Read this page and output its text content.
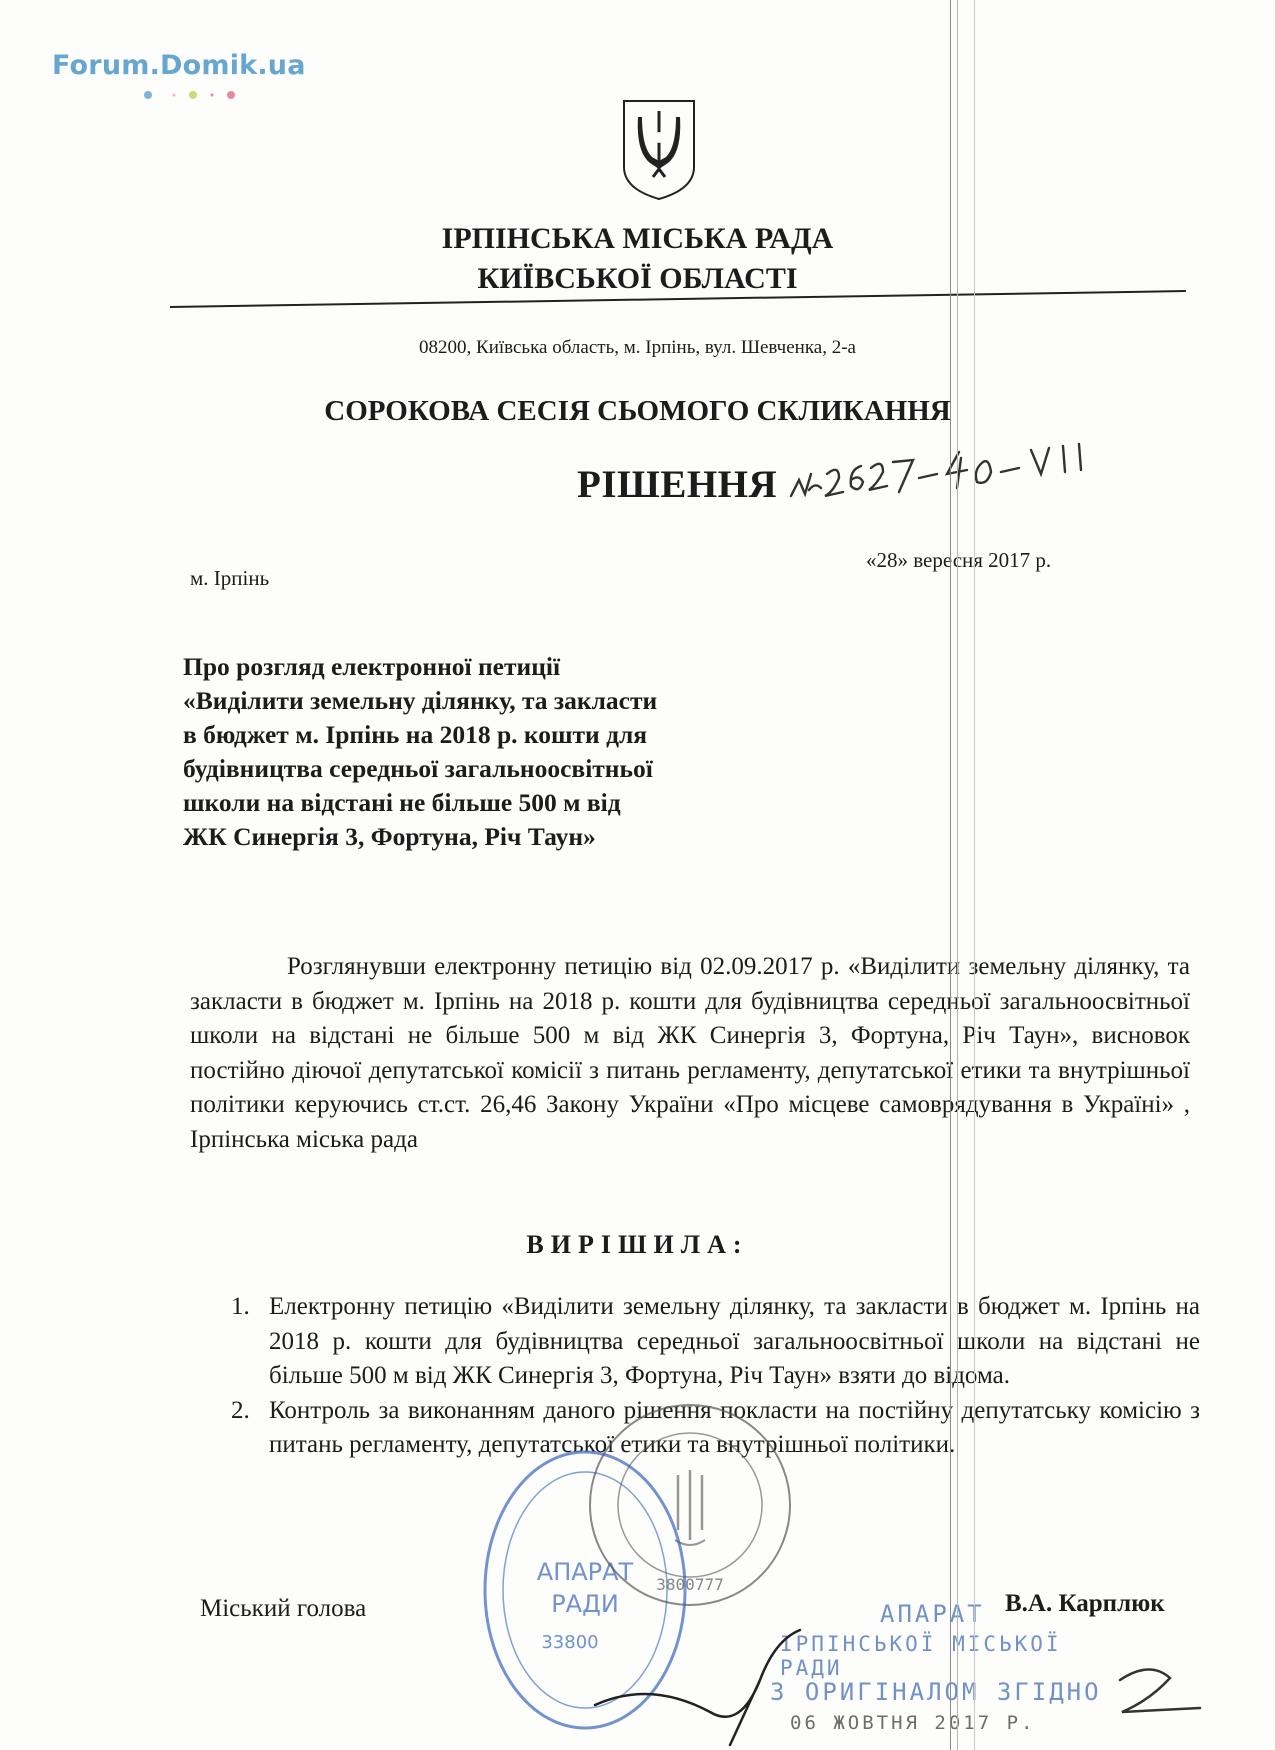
Forum.Domik.ua
ІРПІНСЬКА МІСЬКА РАДА
КИЇВСЬКОЇ ОБЛАСТІ
08200, Київська область, м. Ірпінь, вул. Шевченка, 2-а
СОРОКОВА СЕСІЯ СЬОМОГО СКЛИКАННЯ
РІШЕННЯ
м. Ірпінь
«28» вересня 2017 р.
Про розгляд електронної петиції
«Виділити земельну ділянку, та закласти
в бюджет м. Ірпінь на 2018 р. кошти для
будівництва середньої загальноосвітньої
школи на відстані не більше 500 м від
ЖК Синергія 3, Фортуна, Річ Таун»
Розглянувши електронну петицію від 02.09.2017 р. «Виділити земельну ділянку, та закласти в бюджет м. Ірпінь на 2018 р. кошти для будівництва середньої загальноосвітньої школи на відстані не більше 500 м від ЖК Синергія 3, Фортуна, Річ Таун», висновок постійно діючої депутатської комісії з питань регламенту, депутатської етики та внутрішньої політики керуючись ст.ст. 26,46 Закону України «Про місцеве самоврядування в Україні» , Ірпінська міська рада
ВИРІШИЛА:
1. Електронну петицію «Виділити земельну ділянку, та закласти в бюджет м. Ірпінь на 2018 р. кошти для будівництва середньої загальноосвітньої школи на відстані не більше 500 м від ЖК Синергія 3, Фортуна, Річ Таун» взяти до відома.
2. Контроль за виконанням даного рішення покласти на постійну депутатську комісію з питань регламенту, депутатської етики та внутрішньої політики.
Міський голова	В.А. Карплюк
АПАРАТ
ІРПІНСЬКОЇ МІСЬКОЇ РАДИ
З ОРИГІНАЛОМ ЗГІДНО
06 ЖОВТНЯ 2017 Р.
АПАРАТ
РАДИ
33800
3800777
